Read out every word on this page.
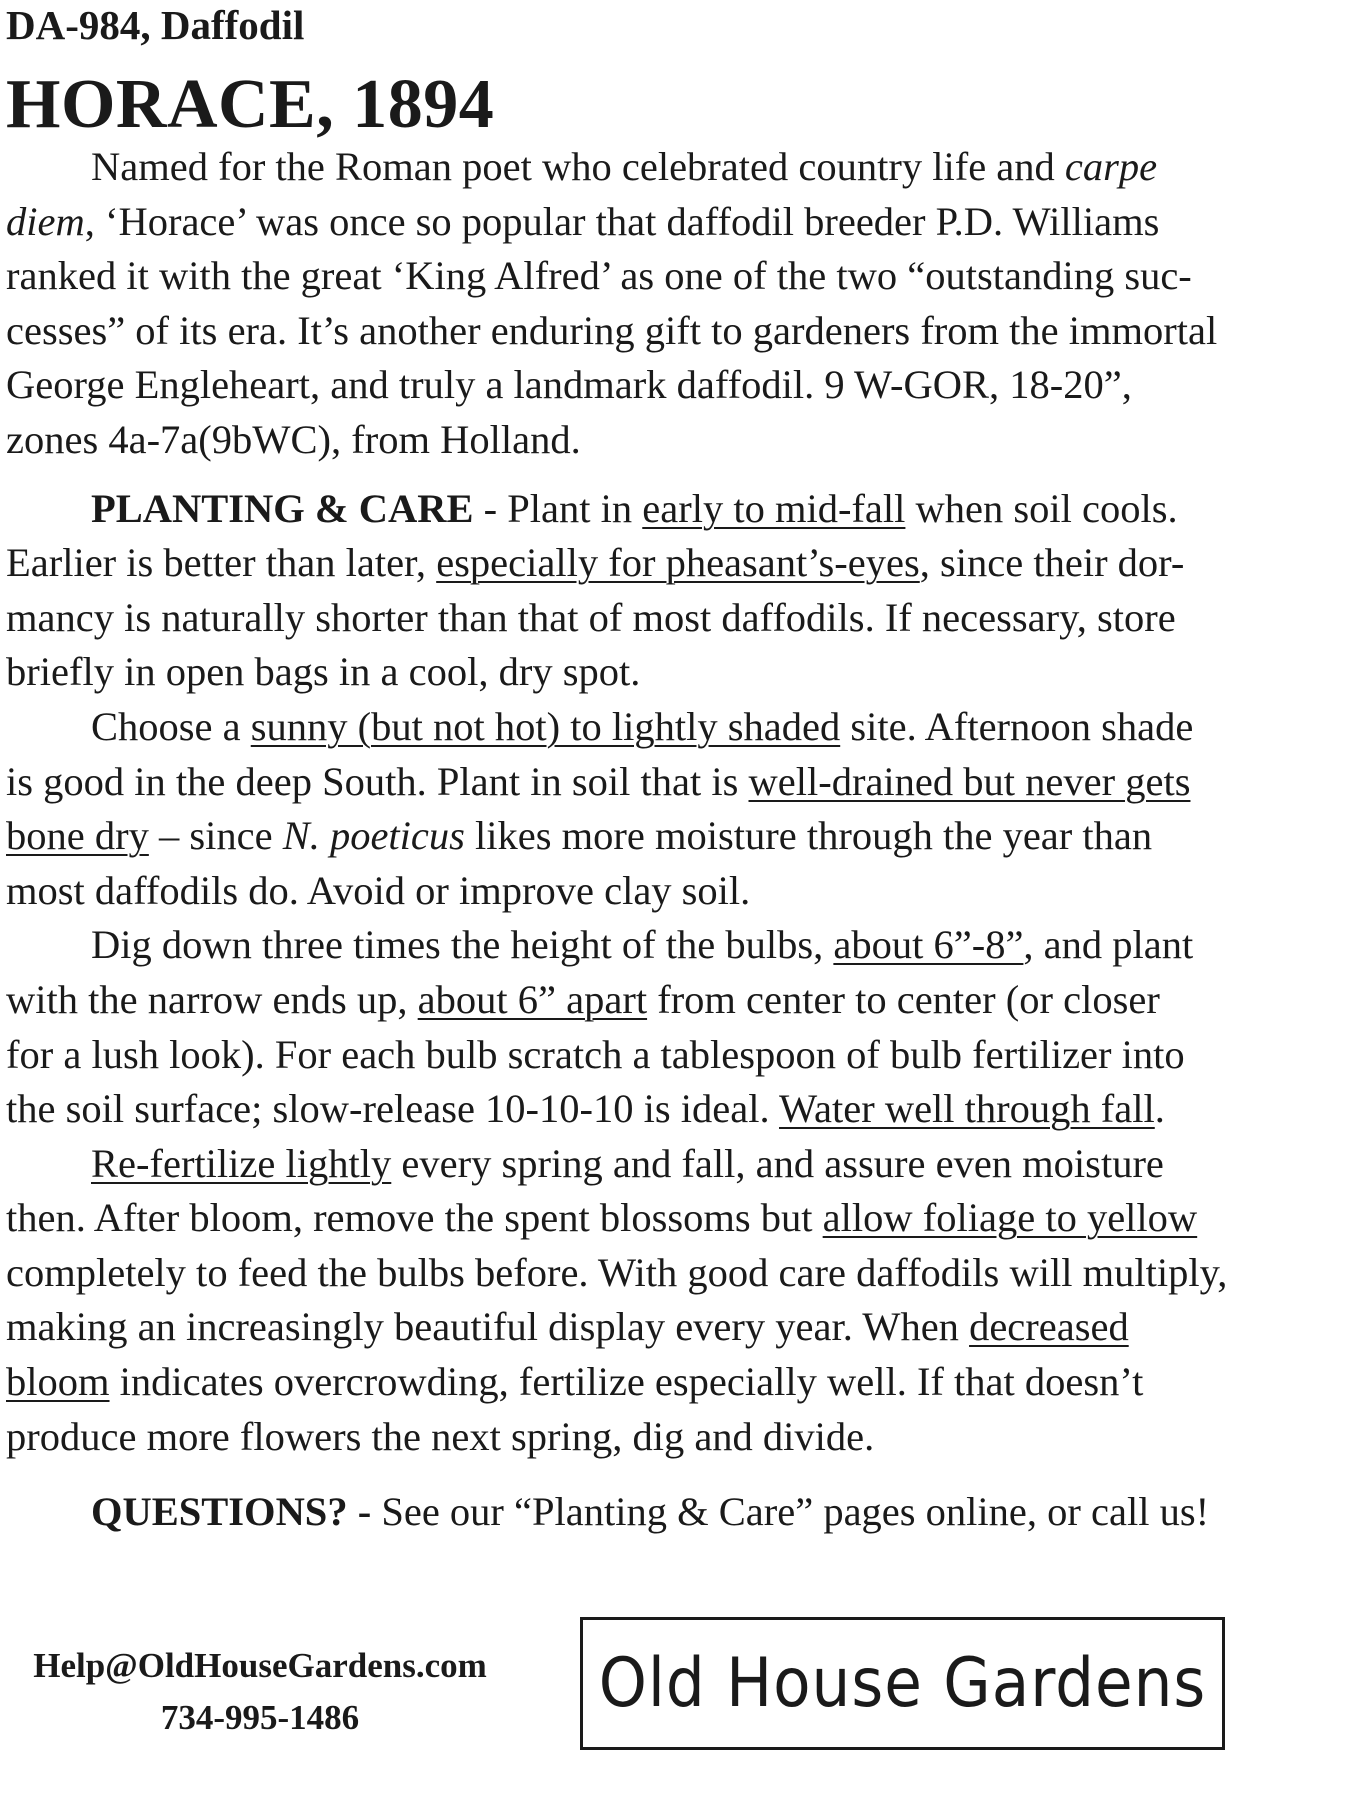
DA-984, Daffodil
HORACE, 1894
Named for the Roman poet who celebrated country life and carpe
diem, ‘Horace’ was once so popular that daffodil breeder P.D. Williams
ranked it with the great ‘King Alfred’ as one of the two “outstanding suc-
cesses” of its era. It’s another enduring gift to gardeners from the immortal
George Engleheart, and truly a landmark daffodil. 9 W-GOR, 18-20”,
zones 4a-7a(9bWC), from Holland.
PLANTING & CARE - Plant in early to mid-fall when soil cools.
Earlier is better than later, especially for pheasant’s-eyes, since their dor-
mancy is naturally shorter than that of most daffodils. If necessary, store
briefly in open bags in a cool, dry spot.
Choose a sunny (but not hot) to lightly shaded site. Afternoon shade
is good in the deep South. Plant in soil that is well-drained but never gets
bone dry – since N. poeticus likes more moisture through the year than
most daffodils do. Avoid or improve clay soil.
Dig down three times the height of the bulbs, about 6”-8”, and plant
with the narrow ends up, about 6” apart from center to center (or closer
for a lush look). For each bulb scratch a tablespoon of bulb fertilizer into
the soil surface; slow-release 10-10-10 is ideal. Water well through fall.
Re-fertilize lightly every spring and fall, and assure even moisture
then. After bloom, remove the spent blossoms but allow foliage to yellow
completely to feed the bulbs before. With good care daffodils will multiply,
making an increasingly beautiful display every year. When decreased
bloom indicates overcrowding, fertilize especially well. If that doesn’t
produce more flowers the next spring, dig and divide.
QUESTIONS? - See our “Planting & Care” pages online, or call us!
Help@OldHouseGardens.com
734-995-1486	Old House Gardens
